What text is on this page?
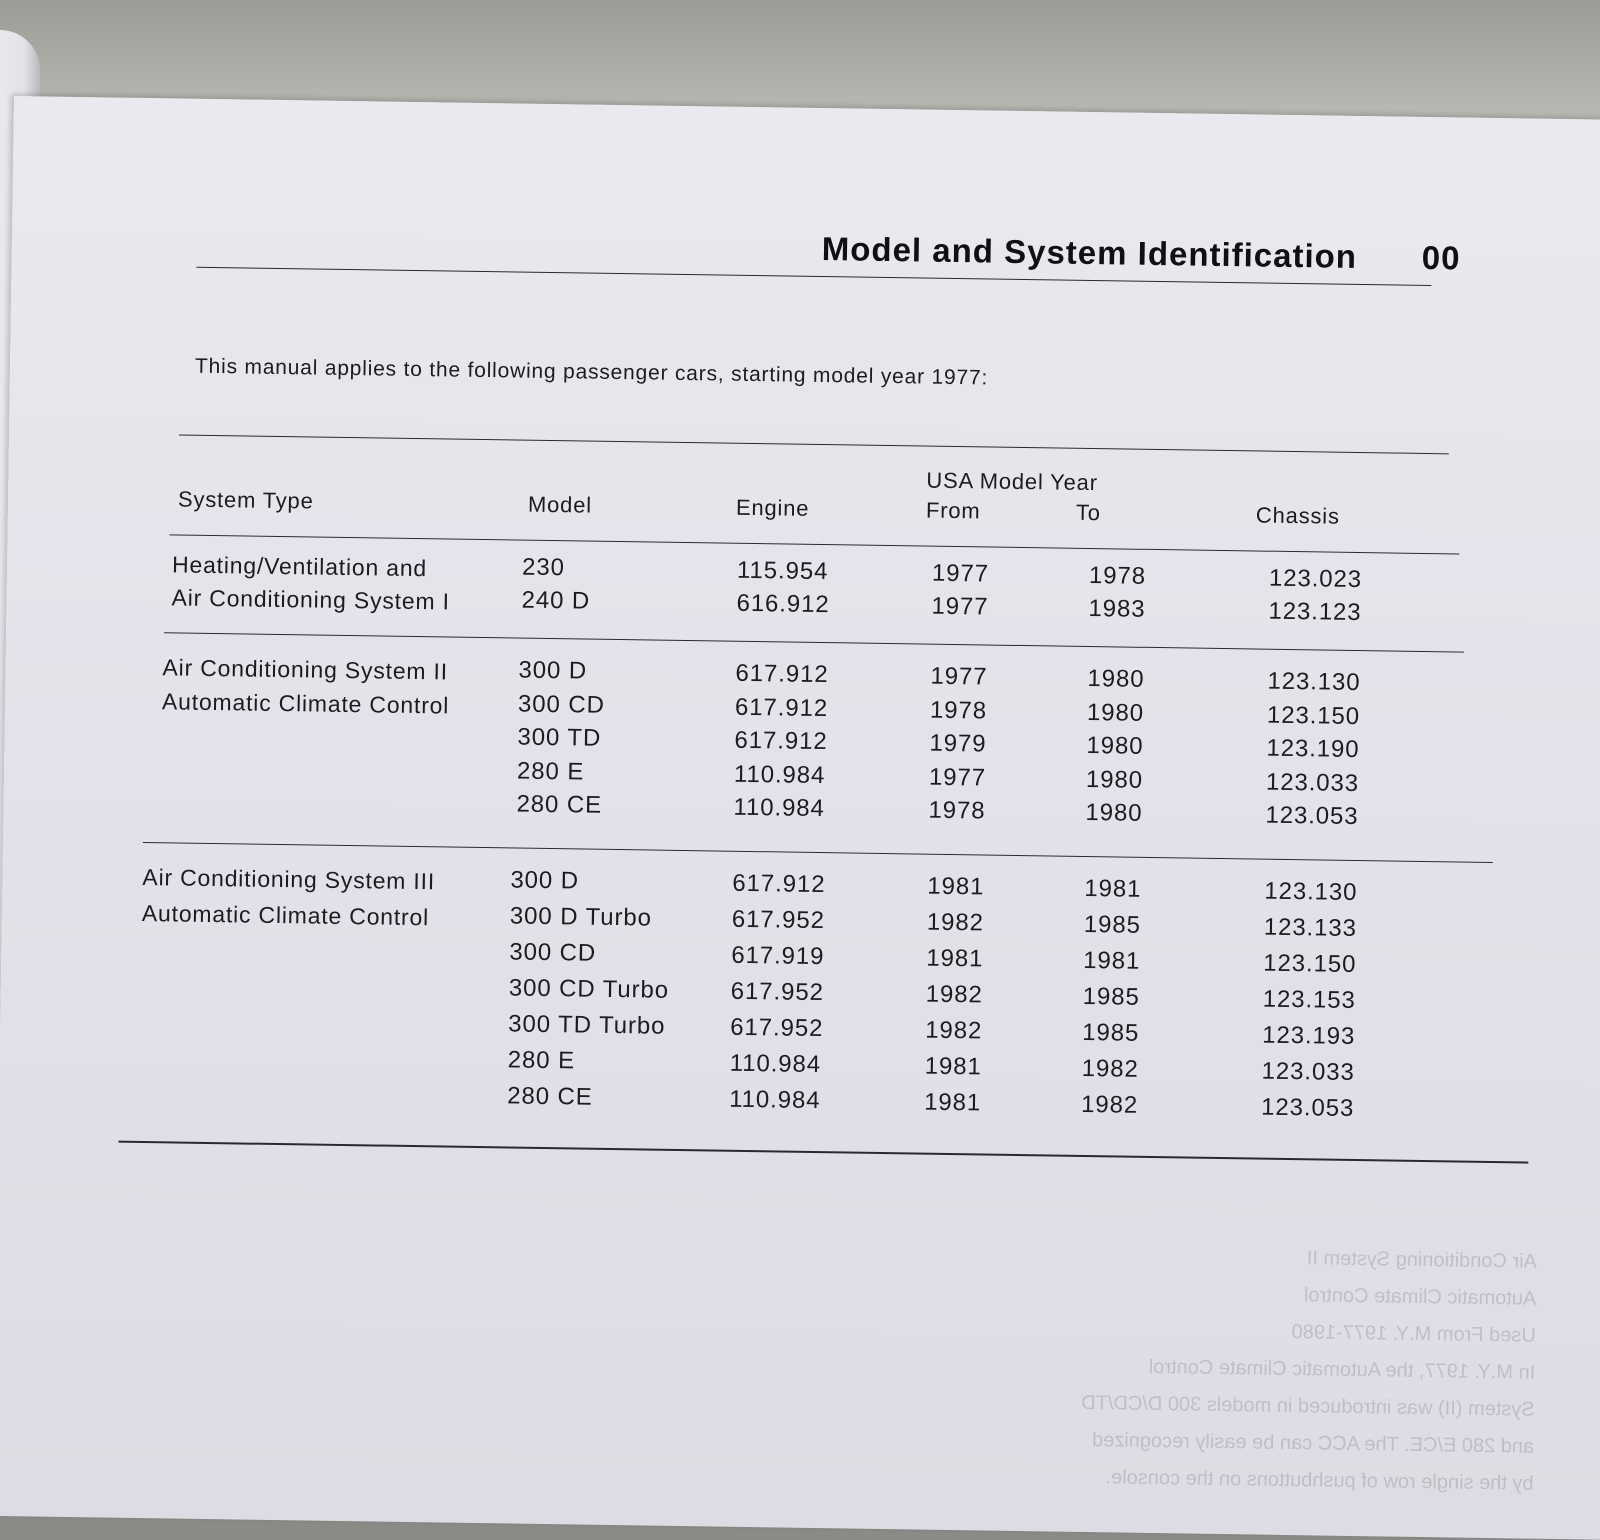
Air Conditioning System II
Automatic Climate Control
Used From M.Y. 1977-1980
In M.Y. 1977, the Automatic Climate Control
System (II) was introduced in models 300 D/CD/TD
and 280 E/CE. The ACC can be easily recognized
by the single row of pushbuttons on the console.
Model and System Identification 00
This manual applies to the following passenger cars, starting model year 1977:
System Type	Model	Engine
USA Model Year
From	To	Chassis
Heating/Ventilation and
Air Conditioning System I
230	115.954	1977	1978	123.023
240 D	616.912	1977	1983	123.123
Air Conditioning System II
Automatic Climate Control
300 D	617.912	1977	1980	123.130
300 CD	617.912	1978	1980	123.150
300 TD	617.912	1979	1980	123.190
280 E	110.984	1977	1980	123.033
280 CE	110.984	1978	1980	123.053
Air Conditioning System III
Automatic Climate Control
300 D	617.912	1981	1981	123.130
300 D Turbo	617.952	1982	1985	123.133
300 CD	617.919	1981	1981	123.150
300 CD Turbo	617.952	1982	1985	123.153
300 TD Turbo	617.952	1982	1985	123.193
280 E	110.984	1981	1982	123.033
280 CE	110.984	1981	1982	123.053
